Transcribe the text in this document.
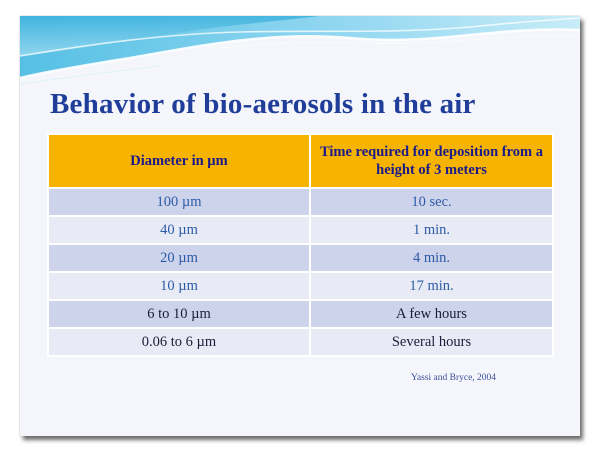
Behavior of bio-aerosols in the air
Diameter in µm	Time required for deposition from a height of 3 meters
100 µm	10 sec.
40 µm	1 min.
20 µm	4 min.
10 µm	17 min.
6 to 10 µm	A few hours
0.06 to 6 µm	Several hours
Yassi and Bryce, 2004
